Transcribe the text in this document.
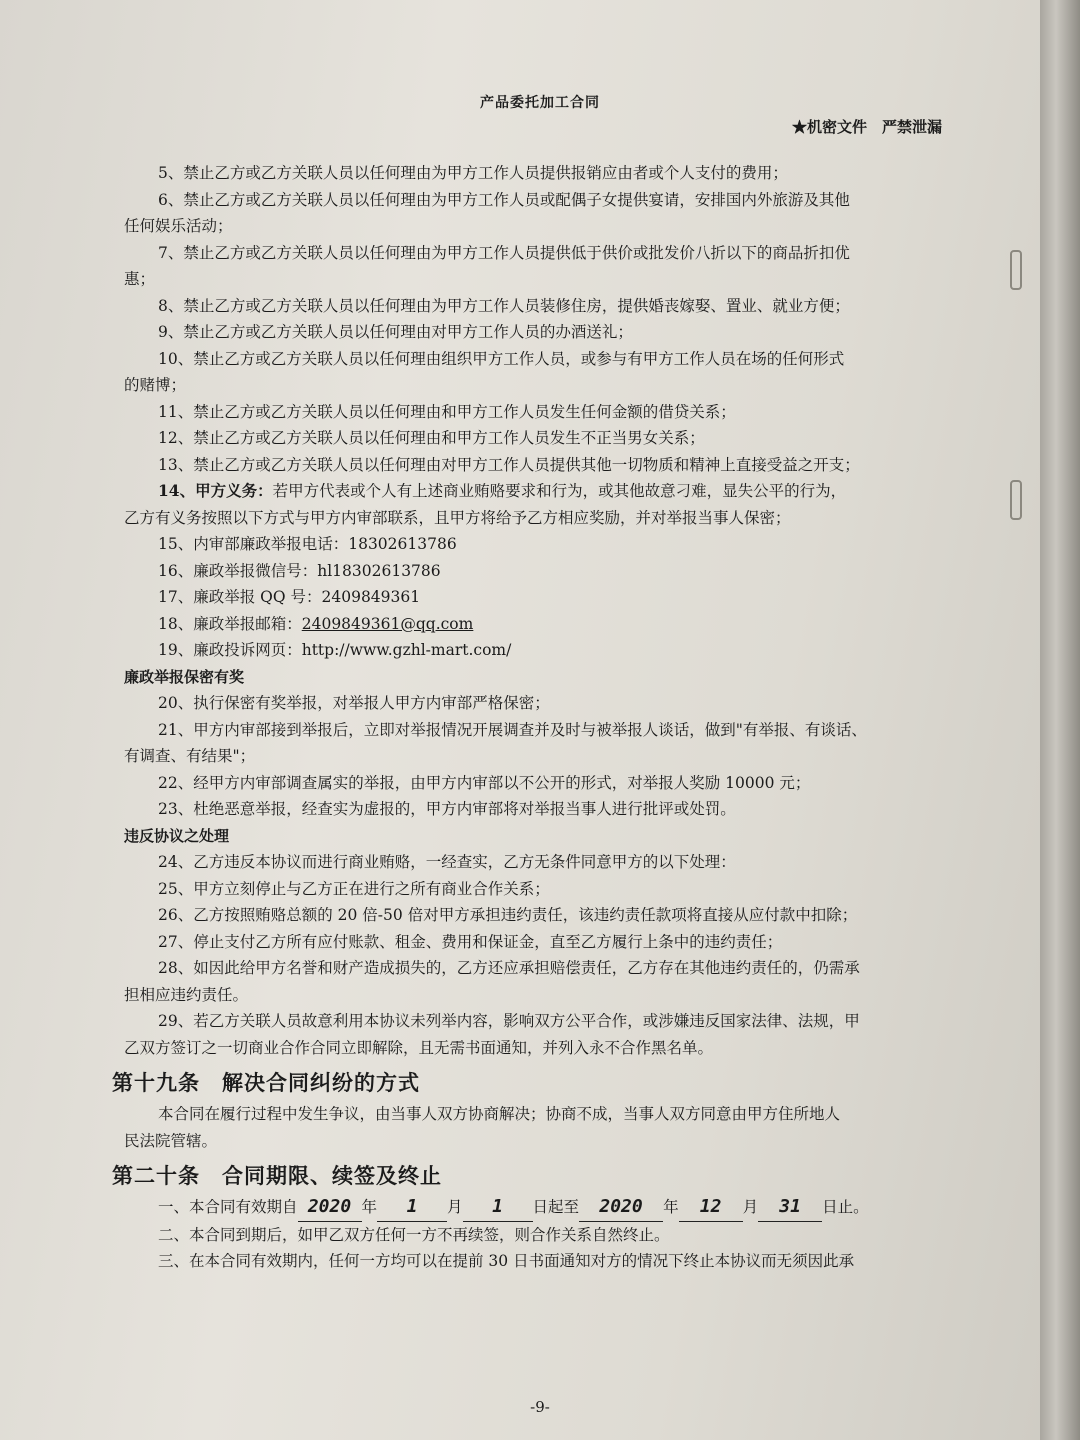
产品委托加工合同
★机密文件　严禁泄漏
5、禁止乙方或乙方关联人员以任何理由为甲方工作人员提供报销应由者或个人支付的费用；
6、禁止乙方或乙方关联人员以任何理由为甲方工作人员或配偶子女提供宴请，安排国内外旅游及其他
任何娱乐活动；
7、禁止乙方或乙方关联人员以任何理由为甲方工作人员提供低于供价或批发价八折以下的商品折扣优
惠；
8、禁止乙方或乙方关联人员以任何理由为甲方工作人员装修住房，提供婚丧嫁娶、置业、就业方便；
9、禁止乙方或乙方关联人员以任何理由对甲方工作人员的办酒送礼；
10、禁止乙方或乙方关联人员以任何理由组织甲方工作人员，或参与有甲方工作人员在场的任何形式
的赌博；
11、禁止乙方或乙方关联人员以任何理由和甲方工作人员发生任何金额的借贷关系；
12、禁止乙方或乙方关联人员以任何理由和甲方工作人员发生不正当男女关系；
13、禁止乙方或乙方关联人员以任何理由对甲方工作人员提供其他一切物质和精神上直接受益之开支；
14、甲方义务：若甲方代表或个人有上述商业贿赂要求和行为，或其他故意刁难，显失公平的行为，
乙方有义务按照以下方式与甲方内审部联系，且甲方将给予乙方相应奖励，并对举报当事人保密；
15、内审部廉政举报电话：18302613786
16、廉政举报微信号：hl18302613786
17、廉政举报 QQ 号：2409849361
18、廉政举报邮箱：2409849361@qq.com
19、廉政投诉网页：http://www.gzhl-mart.com/
廉政举报保密有奖
20、执行保密有奖举报，对举报人甲方内审部严格保密；
21、甲方内审部接到举报后，立即对举报情况开展调查并及时与被举报人谈话，做到"有举报、有谈话、
有调查、有结果"；
22、经甲方内审部调查属实的举报，由甲方内审部以不公开的形式，对举报人奖励 10000 元；
23、杜绝恶意举报，经查实为虚报的，甲方内审部将对举报当事人进行批评或处罚。
违反协议之处理
24、乙方违反本协议而进行商业贿赂，一经查实，乙方无条件同意甲方的以下处理：
25、甲方立刻停止与乙方正在进行之所有商业合作关系；
26、乙方按照贿赂总额的 20 倍-50 倍对甲方承担违约责任，该违约责任款项将直接从应付款中扣除；
27、停止支付乙方所有应付账款、租金、费用和保证金，直至乙方履行上条中的违约责任；
28、如因此给甲方名誉和财产造成损失的，乙方还应承担赔偿责任，乙方存在其他违约责任的，仍需承
担相应违约责任。
29、若乙方关联人员故意利用本协议未列举内容，影响双方公平合作，或涉嫌违反国家法律、法规，甲
乙双方签订之一切商业合作合同立即解除，且无需书面通知，并列入永不合作黑名单。
第十九条　解决合同纠纷的方式
本合同在履行过程中发生争议，由当事人双方协商解决；协商不成，当事人双方同意由甲方住所地人
民法院管辖。
第二十条　合同期限、续签及终止
一、本合同有效期自 2020 年 1 月 1 日起至 2020 年 12 月 31 日止。
二、本合同到期后，如甲乙双方任何一方不再续签，则合作关系自然终止。
三、在本合同有效期内，任何一方均可以在提前 30 日书面通知对方的情况下终止本协议而无须因此承
-9-
